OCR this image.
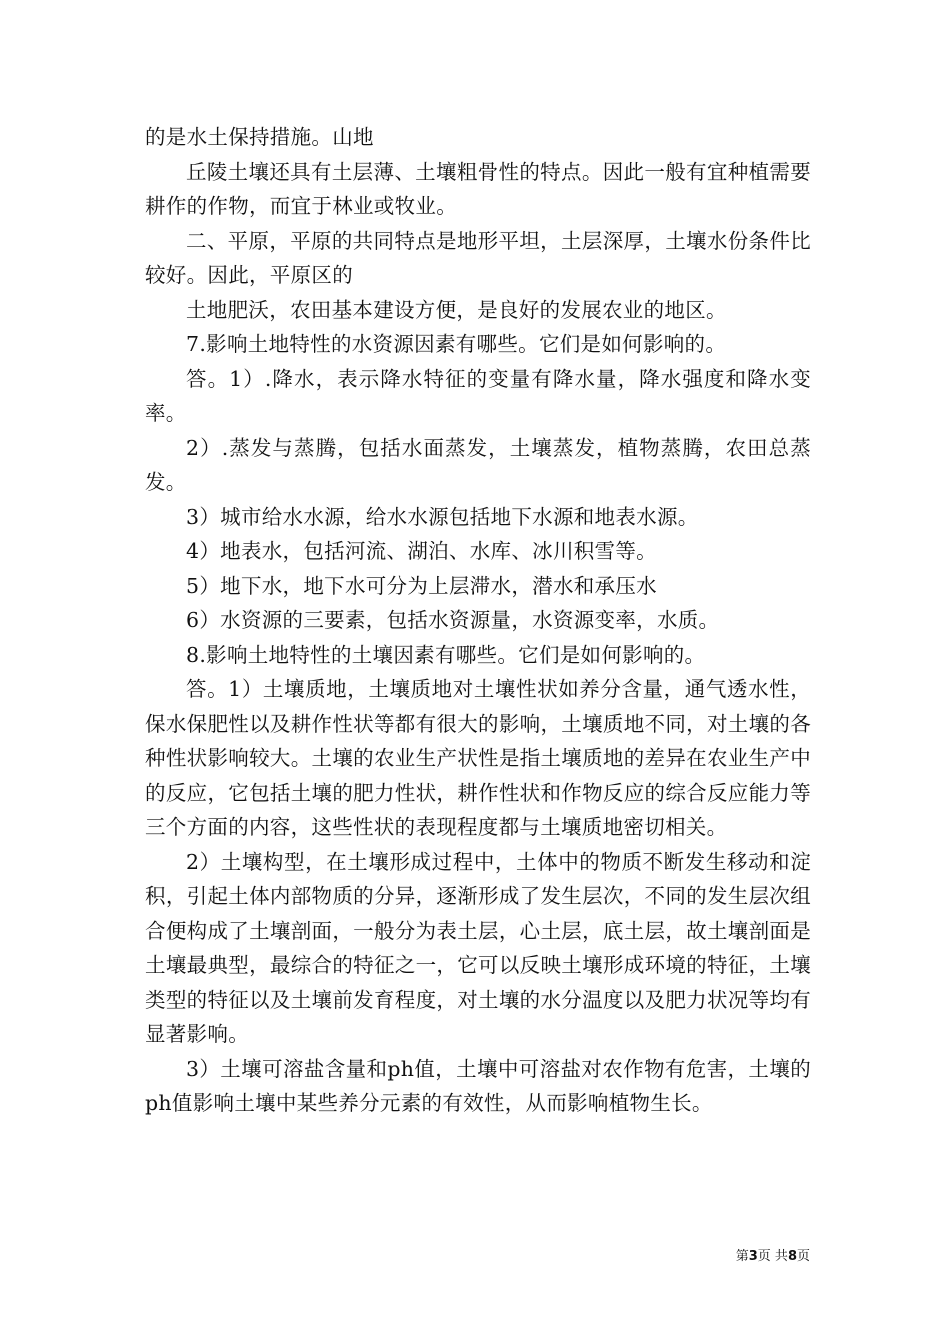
的是水土保持措施。山地

丘陵土壤还具有土层薄、土壤粗骨性的特点。因此一般有宜种植需要耕作的作物，而宜于林业或牧业。

二、平原，平原的共同特点是地形平坦，土层深厚，土壤水份条件比较好。因此，平原区的

土地肥沃，农田基本建设方便，是良好的发展农业的地区。

7.影响土地特性的水资源因素有哪些。它们是如何影响的。

答。1）.降水，表示降水特征的变量有降水量，降水强度和降水变率。

2）.蒸发与蒸腾，包括水面蒸发，土壤蒸发，植物蒸腾，农田总蒸发。

3）城市给水水源，给水水源包括地下水源和地表水源。

4）地表水，包括河流、湖泊、水库、冰川积雪等。

5）地下水，地下水可分为上层滞水，潜水和承压水

6）水资源的三要素，包括水资源量，水资源变率，水质。

8.影响土地特性的土壤因素有哪些。它们是如何影响的。

答。1）土壤质地，土壤质地对土壤性状如养分含量，通气透水性，保水保肥性以及耕作性状等都有很大的影响，土壤质地不同，对土壤的各种性状影响较大。土壤的农业生产状性是指土壤质地的差异在农业生产中的反应，它包括土壤的肥力性状，耕作性状和作物反应的综合反应能力等三个方面的内容，这些性状的表现程度都与土壤质地密切相关。

2）土壤构型，在土壤形成过程中，土体中的物质不断发生移动和淀积，引起土体内部物质的分异，逐渐形成了发生层次，不同的发生层次组合便构成了土壤剖面，一般分为表土层，心土层，底土层，故土壤剖面是土壤最典型，最综合的特征之一，它可以反映土壤形成环境的特征，土壤类型的特征以及土壤前发育程度，对土壤的水分温度以及肥力状况等均有显著影响。

3）土壤可溶盐含量和ph值，土壤中可溶盐对农作物有危害，土壤的ph值影响土壤中某些养分元素的有效性，从而影响植物生长。

第3页 共8页
